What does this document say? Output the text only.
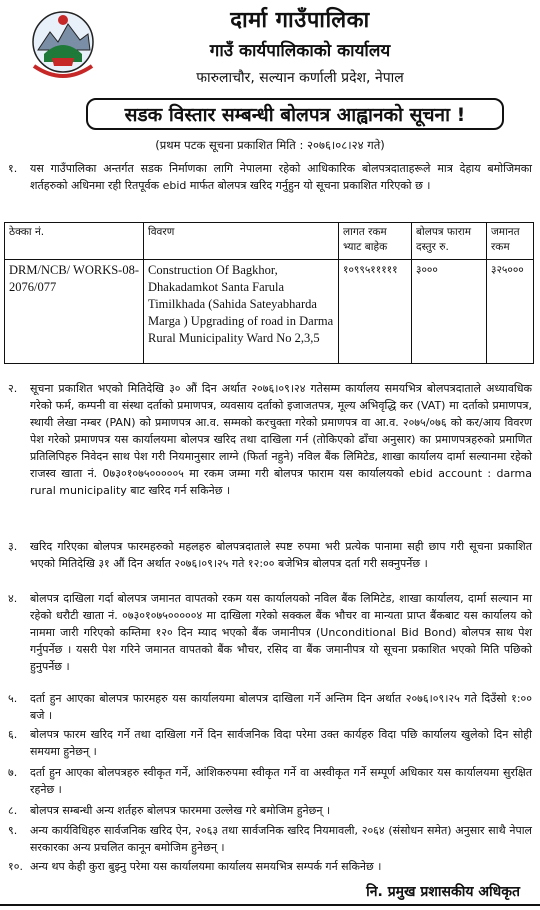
दार्मा गाउँपालिका
गाउँ कार्यपालिकाको कार्यालय
फारुलाचौर, सल्यान कर्णाली प्रदेश, नेपाल
सडक विस्तार सम्बन्धी बोलपत्र आह्वानको सूचना !
(प्रथम पटक सूचना प्रकाशित मिति : २०७६।०८।२४ गते)
१.	यस गाउँपालिका अन्तर्गत सडक निर्माणका लागि नेपालमा रहेको आधिकारिक बोलपत्रदाताहरूले मात्र देहाय बमोजिमका शर्तहरुको अधिनमा रही रितपूर्वक ebid मार्फत बोलपत्र खरिद गर्नुहुन यो सूचना प्रकाशित गरिएको छ ।
ठेक्का नं.	विवरण	लागत रकम भ्याट बाहेक	बोलपत्र फाराम दस्तुर रु.	जमानत रकम
DRM/NCB/ WORKS-08-2076/077	Construction Of Bagkhor, Dhakadamkot Santa Farula Timilkhada (Sahida Sateyabharda Marga ) Upgrading of road in Darma Rural Municipality Ward No 2,3,5	१०९९५१११११	३०००	३२५०००
२.	सूचना प्रकाशित भएको मितिदेखि ३० औं दिन अर्थात २०७६।०९।२४ गतेसम्म कार्यालय समयभित्र बोलपत्रदाताले अध्यावधिक गरेको फर्म, कम्पनी वा संस्था दर्ताको प्रमाणपत्र, व्यवसाय दर्ताको इजाजतपत्र, मूल्य अभिवृद्धि कर (VAT) मा दर्ताको प्रमाणपत्र, स्थायी लेखा नम्बर (PAN) को प्रमाणपत्र आ.व. सम्मको करचुक्ता गरेको प्रमाणपत्र वा आ.व. २०७५/०७६ को कर/आय विवरण पेश गरेको प्रमाणपत्र यस कार्यालयमा बोलपत्र खरिद तथा दाखिला गर्न (तोकिएको ढाँचा अनुसार) का प्रमाणपत्रहरुको प्रमाणित प्रतिलिपिहरु निवेदन साथ पेश गरी नियमानुसार लाग्ने (फिर्ता नहुने) नविल बैंक लिमिटेड, शाखा कार्यालय दार्मा सल्यानमा रहेको राजस्व खाता नं. 0७३०१०७५०००००५ मा रकम जम्मा गरी बोलपत्र फाराम यस कार्यालयको ebid account : darma rural municipality बाट खरिद गर्न सकिनेछ ।
३.	खरिद गरिएका बोलपत्र फारमहरुको महलहरु बोलपत्रदाताले स्पष्ट रुपमा भरी प्रत्येक पानामा सही छाप गरी सूचना प्रकाशित भएको मितिदेखि ३१ औं दिन अर्थात २०७६।०९।२५ गते १२:०० बजेभित्र बोलपत्र दर्ता गरी सक्नुपर्नेछ ।
४.	बोलपत्र दाखिला गर्दा बोलपत्र जमानत वापतको रकम यस कार्यालयको नविल बैंक लिमिटेड, शाखा कार्यालय, दार्मा सल्यान मा रहेको धरौटी खाता नं. ०७३०१०७५०००००४ मा दाखिला गरेको सक्कल बैंक भौचर वा मान्यता प्राप्त बैंकबाट यस कार्यालय को नाममा जारी गरिएको कम्तिमा १२० दिन म्याद भएको बैंक जमानीपत्र (Unconditional Bid Bond) बोलपत्र साथ पेश गर्नुपर्नेछ । यसरी पेश गरिने जमानत वापतको बैंक भौचर, रसिद वा बैंक जमानीपत्र यो सूचना प्रकाशित भएको मिति पछिको हुनुपर्नेछ ।
५.	दर्ता हुन आएका बोलपत्र फारमहरु यस कार्यालयमा बोलपत्र दाखिला गर्ने अन्तिम दिन अर्थात २०७६।०९।२५ गते दिउँसो १:०० बजे ।
६.	बोलपत्र फारम खरिद गर्ने तथा दाखिला गर्ने दिन सार्वजनिक विदा परेमा उक्त कार्यहरु विदा पछि कार्यालय खुलेको दिन सोही समयमा हुनेछन् ।
७.	दर्ता हुन आएका बोलपत्रहरु स्वीकृत गर्ने, आंशिकरुपमा स्वीकृत गर्ने वा अस्वीकृत गर्ने सम्पूर्ण अधिकार यस कार्यालयमा सुरक्षित रहनेछ ।
८.	बोलपत्र सम्बन्धी अन्य शर्तहरु बोलपत्र फारममा उल्लेख गरे बमोजिम हुनेछन् ।
९.	अन्य कार्यविधिहरु सार्वजनिक खरिद ऐन, २०६३ तथा सार्वजनिक खरिद नियमावली, २०६४ (संसोधन समेत) अनुसार साथै नेपाल सरकारका अन्य प्रचलित कानून बमोजिम हुनेछन् ।
१०. अन्य थप केही कुरा बुझ्नु परेमा यस कार्यालयमा कार्यालय समयभित्र सम्पर्क गर्न सकिनेछ ।
नि. प्रमुख प्रशासकीय अधिकृत
